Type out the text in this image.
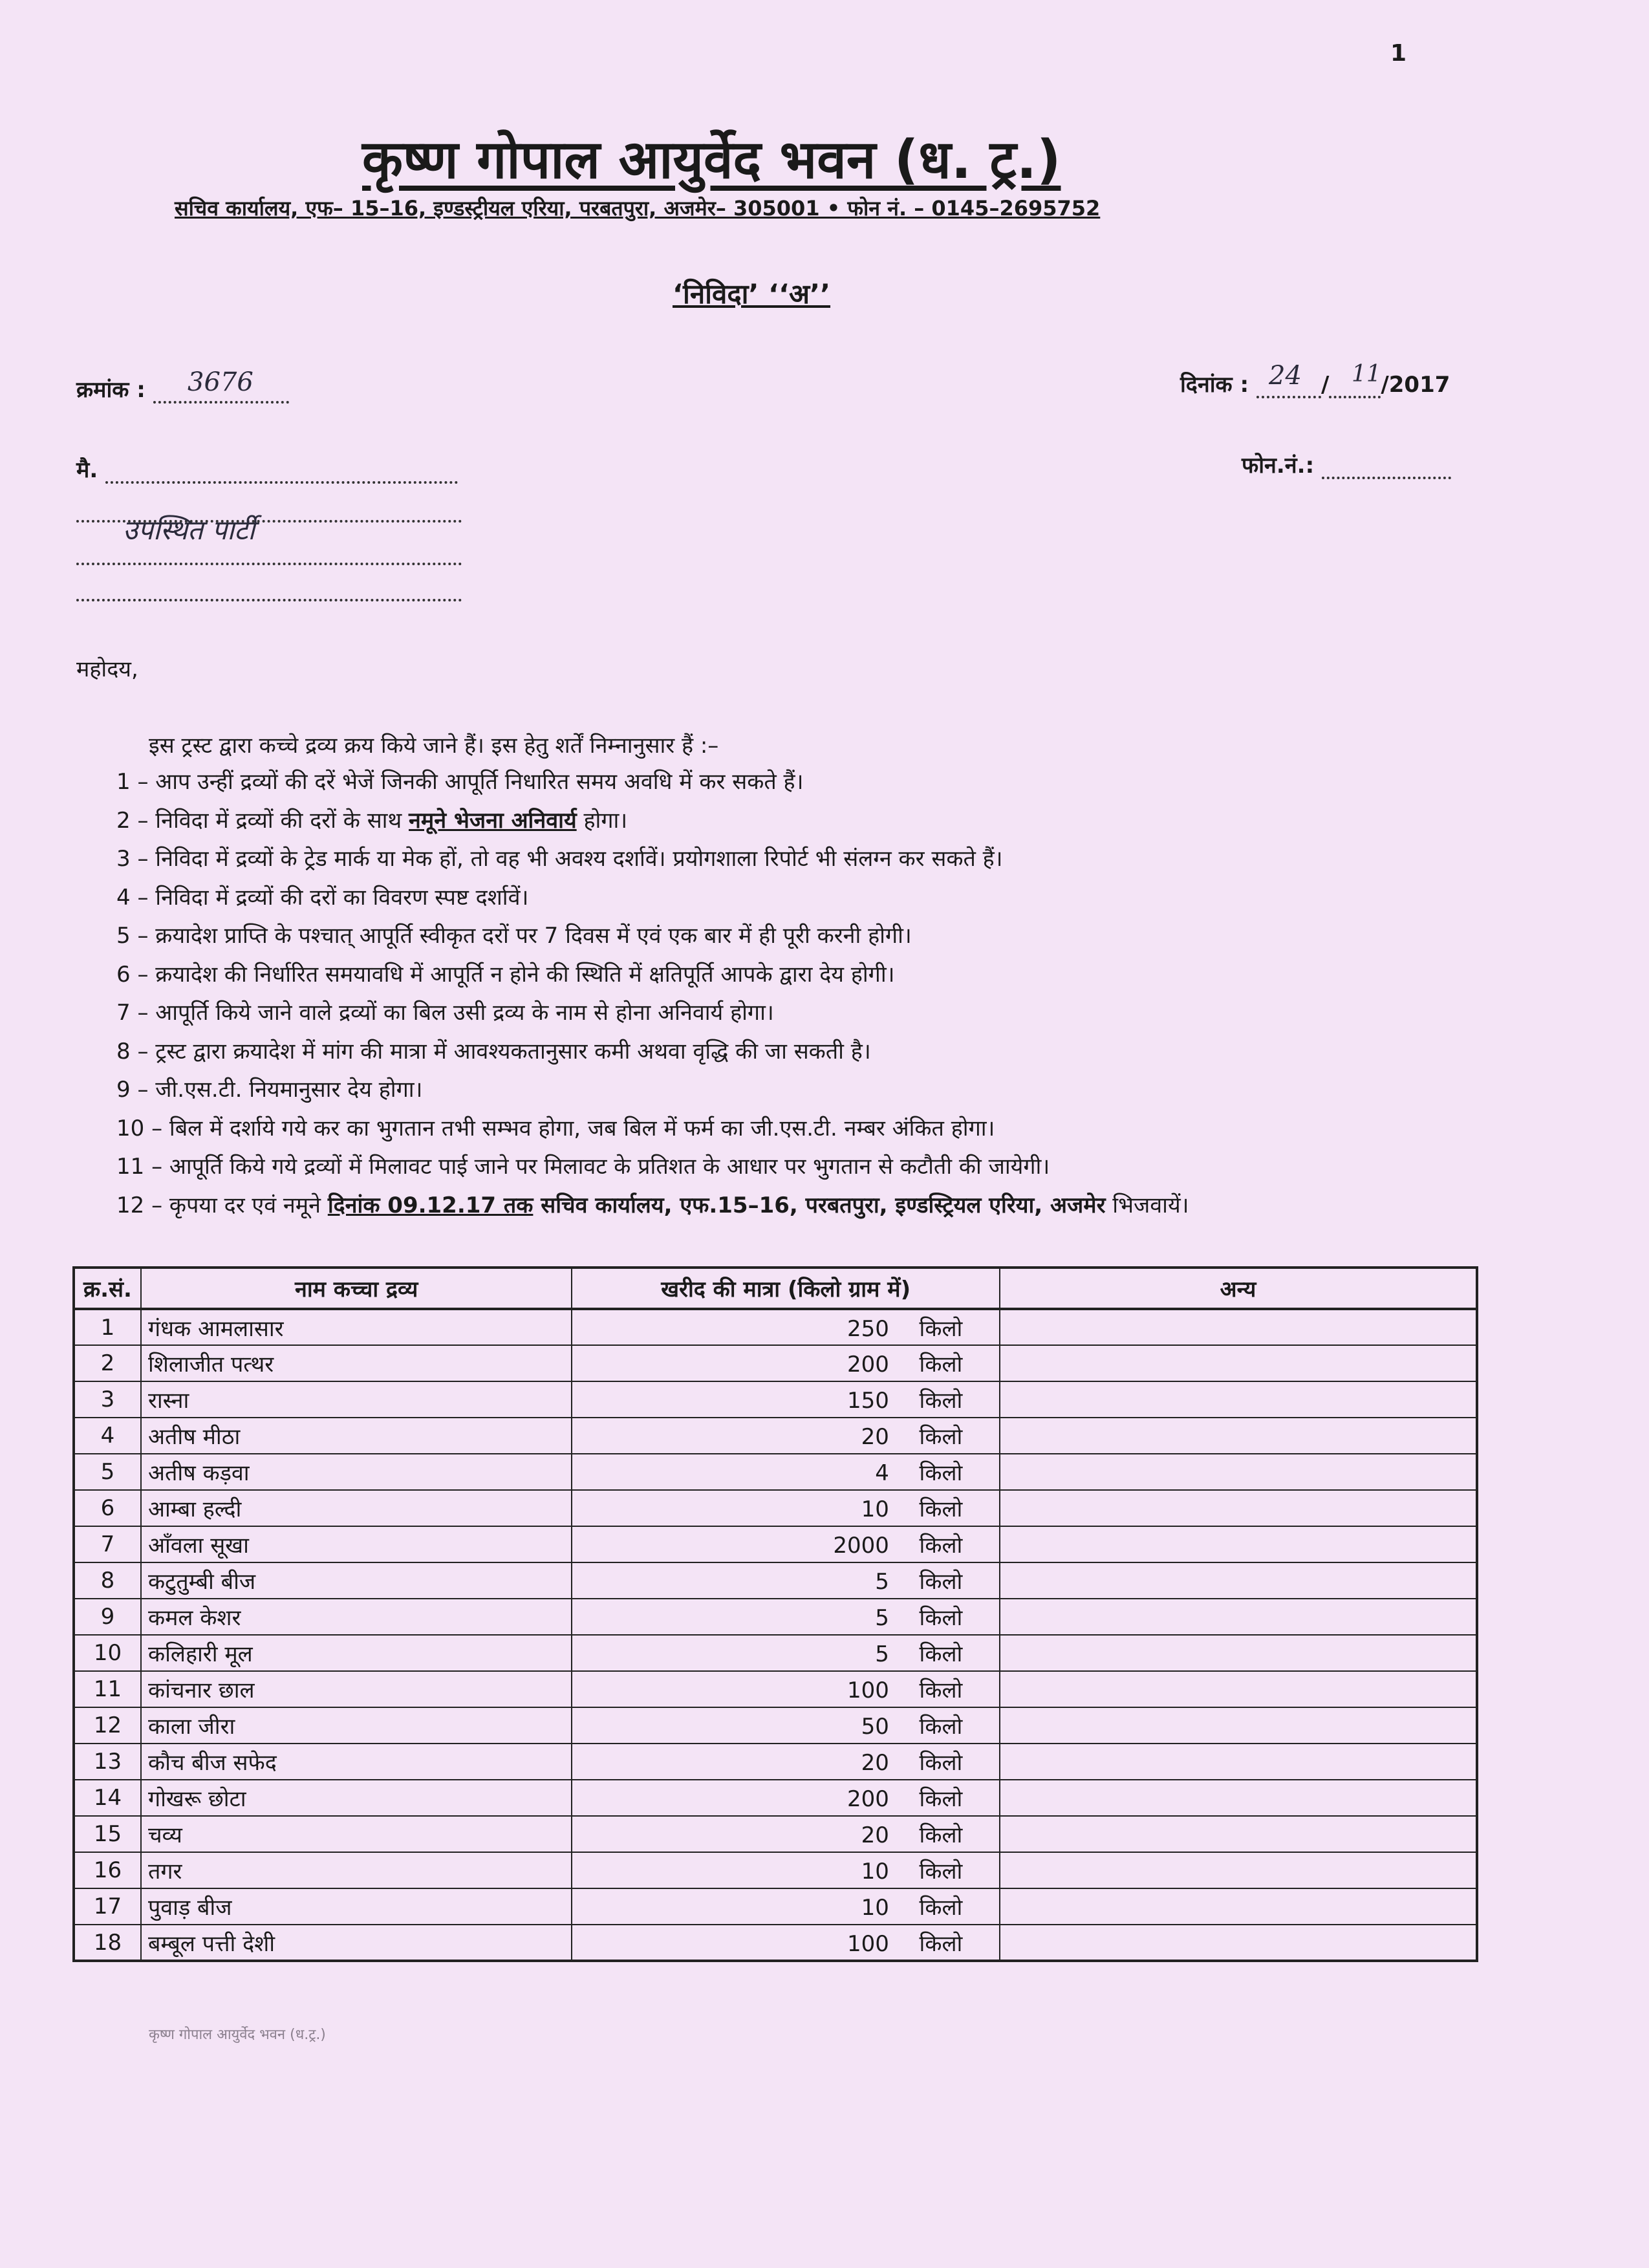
1
कृष्ण गोपाल आयुर्वेद भवन (ध. ट्र.)
सचिव कार्यालय, एफ– 15–16, इण्डस्ट्रीयल एरिया, परबतपुरा, अजमेर– 305001 • फोन नं. – 0145–2695752
‘निविदा’ ‘‘अ’’
क्रमांक :	3676	दिनांक :	/ /2017
24 11
मै.
उपस्थित पार्टी
फोन.नं.:
महोदय,
इस ट्रस्ट द्वारा कच्चे द्रव्य क्रय किये जाने हैं। इस हेतु शर्तें निम्नानुसार हैं :–
1 – आप उन्हीं द्रव्यों की दरें भेजें जिनकी आपूर्ति निधारित समय अवधि में कर सकते हैं।
2 – निविदा में द्रव्यों की दरों के साथ नमूने भेजना अनिवार्य होगा।
3 – निविदा में द्रव्यों के ट्रेड मार्क या मेक हों, तो वह भी अवश्य दर्शावें। प्रयोगशाला रिपोर्ट भी संलग्न कर सकते हैं।
4 – निविदा में द्रव्यों की दरों का विवरण स्पष्ट दर्शावें।
5 – क्रयादेश प्राप्ति के पश्चात् आपूर्ति स्वीकृत दरों पर 7 दिवस में एवं एक बार में ही पूरी करनी होगी।
6 – क्रयादेश की निर्धारित समयावधि में आपूर्ति न होने की स्थिति में क्षतिपूर्ति आपके द्वारा देय होगी।
7 – आपूर्ति किये जाने वाले द्रव्यों का बिल उसी द्रव्य के नाम से होना अनिवार्य होगा।
8 – ट्रस्ट द्वारा क्रयादेश में मांग की मात्रा में आवश्यकतानुसार कमी अथवा वृद्धि की जा सकती है।
9 – जी.एस.टी. नियमानुसार देय होगा।
10 – बिल में दर्शाये गये कर का भुगतान तभी सम्भव होगा, जब बिल में फर्म का जी.एस.टी. नम्बर अंकित होगा।
11 – आपूर्ति किये गये द्रव्यों में मिलावट पाई जाने पर मिलावट के प्रतिशत के आधार पर भुगतान से कटौती की जायेगी।
12 – कृपया दर एवं नमूने दिनांक 09.12.17 तक सचिव कार्यालय, एफ.15–16, परबतपुरा, इण्डस्ट्रियल एरिया, अजमेर भिजवायें।
क्र.सं.	नाम कच्चा द्रव्य	खरीद की मात्रा (किलो ग्राम में)	अन्य
1	गंधक आमलासार	250 किलो	
2	शिलाजीत पत्थर	200 किलो	
3	रास्ना	150 किलो	
4	अतीष मीठा	20 किलो	
5	अतीष कड़वा	4 किलो	
6	आम्बा हल्दी	10 किलो	
7	आँवला सूखा	2000 किलो	
8	कटुतुम्बी बीज	5 किलो	
9	कमल केशर	5 किलो	
10	कलिहारी मूल	5 किलो	
11	कांचनार छाल	100 किलो	
12	काला जीरा	50 किलो	
13	कौच बीज सफेद	20 किलो	
14	गोखरू छोटा	200 किलो	
15	चव्य	20 किलो	
16	तगर	10 किलो	
17	पुवाड़ बीज	10 किलो	
18	बम्बूल पत्ती देशी	100 किलो	
कृष्ण गोपाल आयुर्वेद भवन (ध.ट्र.)
